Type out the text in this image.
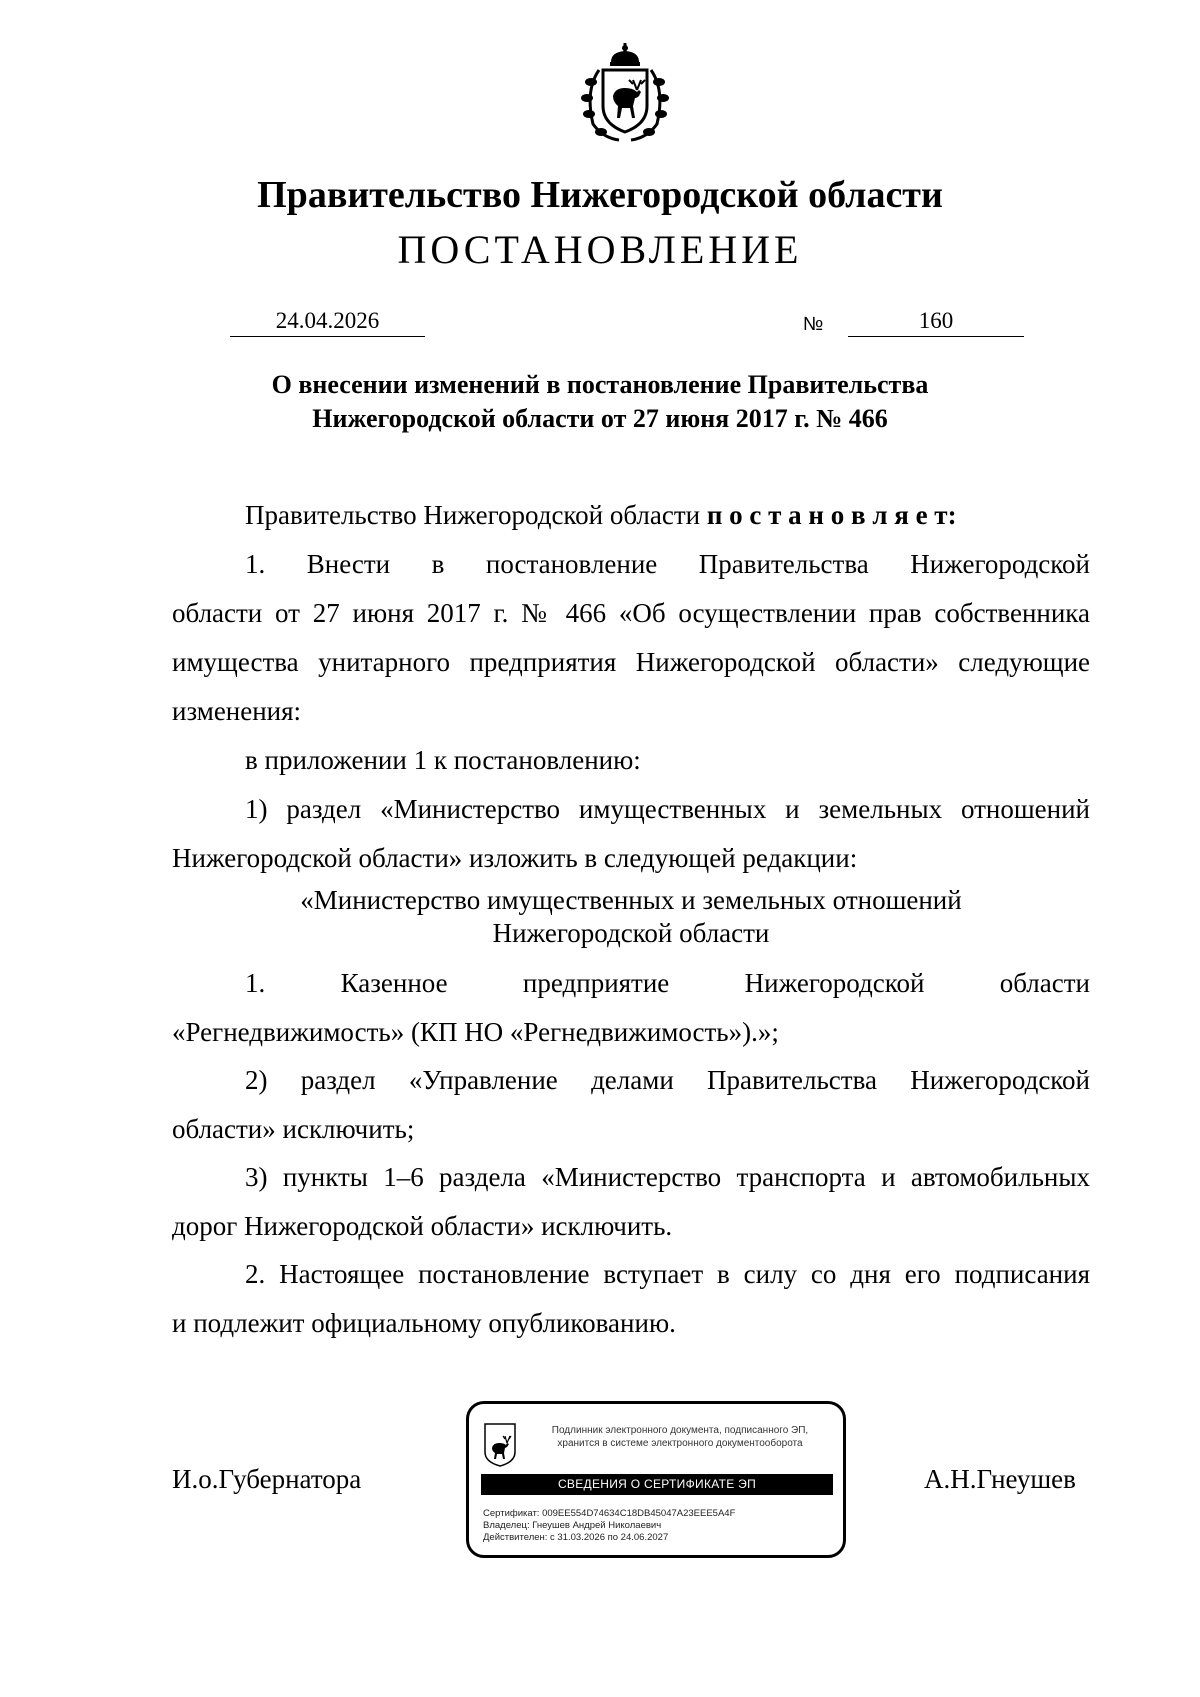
Правительство Нижегородской области
ПОСТАНОВЛЕНИЕ
24.04.2026	№	160
О внесении изменений в постановление Правительства
Нижегородской области от 27 июня 2017 г. № 466
Правительство Нижегородской области п о с т а н о в л я е т:
1. Внести в постановление Правительства Нижегородской
области от 27 июня 2017 г. № 466 «Об осуществлении прав собственника
имущества унитарного предприятия Нижегородской области» следующие
изменения:
в приложении 1 к постановлению:
1) раздел «Министерство имущественных и земельных отношений
Нижегородской области» изложить в следующей редакции:
«Министерство имущественных и земельных отношений
Нижегородской области
1. Казенное предприятие Нижегородской области
«Регнедвижимость» (КП НО «Регнедвижимость»).»;
2) раздел «Управление делами Правительства Нижегородской
области» исключить;
3) пункты 1–6 раздела «Министерство транспорта и автомобильных
дорог Нижегородской области» исключить.
2. Настоящее постановление вступает в силу со дня его подписания
и подлежит официальному опубликованию.
И.о.Губернатора	А.Н.Гнеушев
Подлинник электронного документа, подписанного ЭП,
хранится в системе электронного документооборота
СВЕДЕНИЯ О СЕРТИФИКАТЕ ЭП
Сертификат: 009EE554D74634C18DB45047A23EEE5A4F
Владелец: Гнеушев Андрей Николаевич
Действителен: с 31.03.2026 по 24.06.2027
